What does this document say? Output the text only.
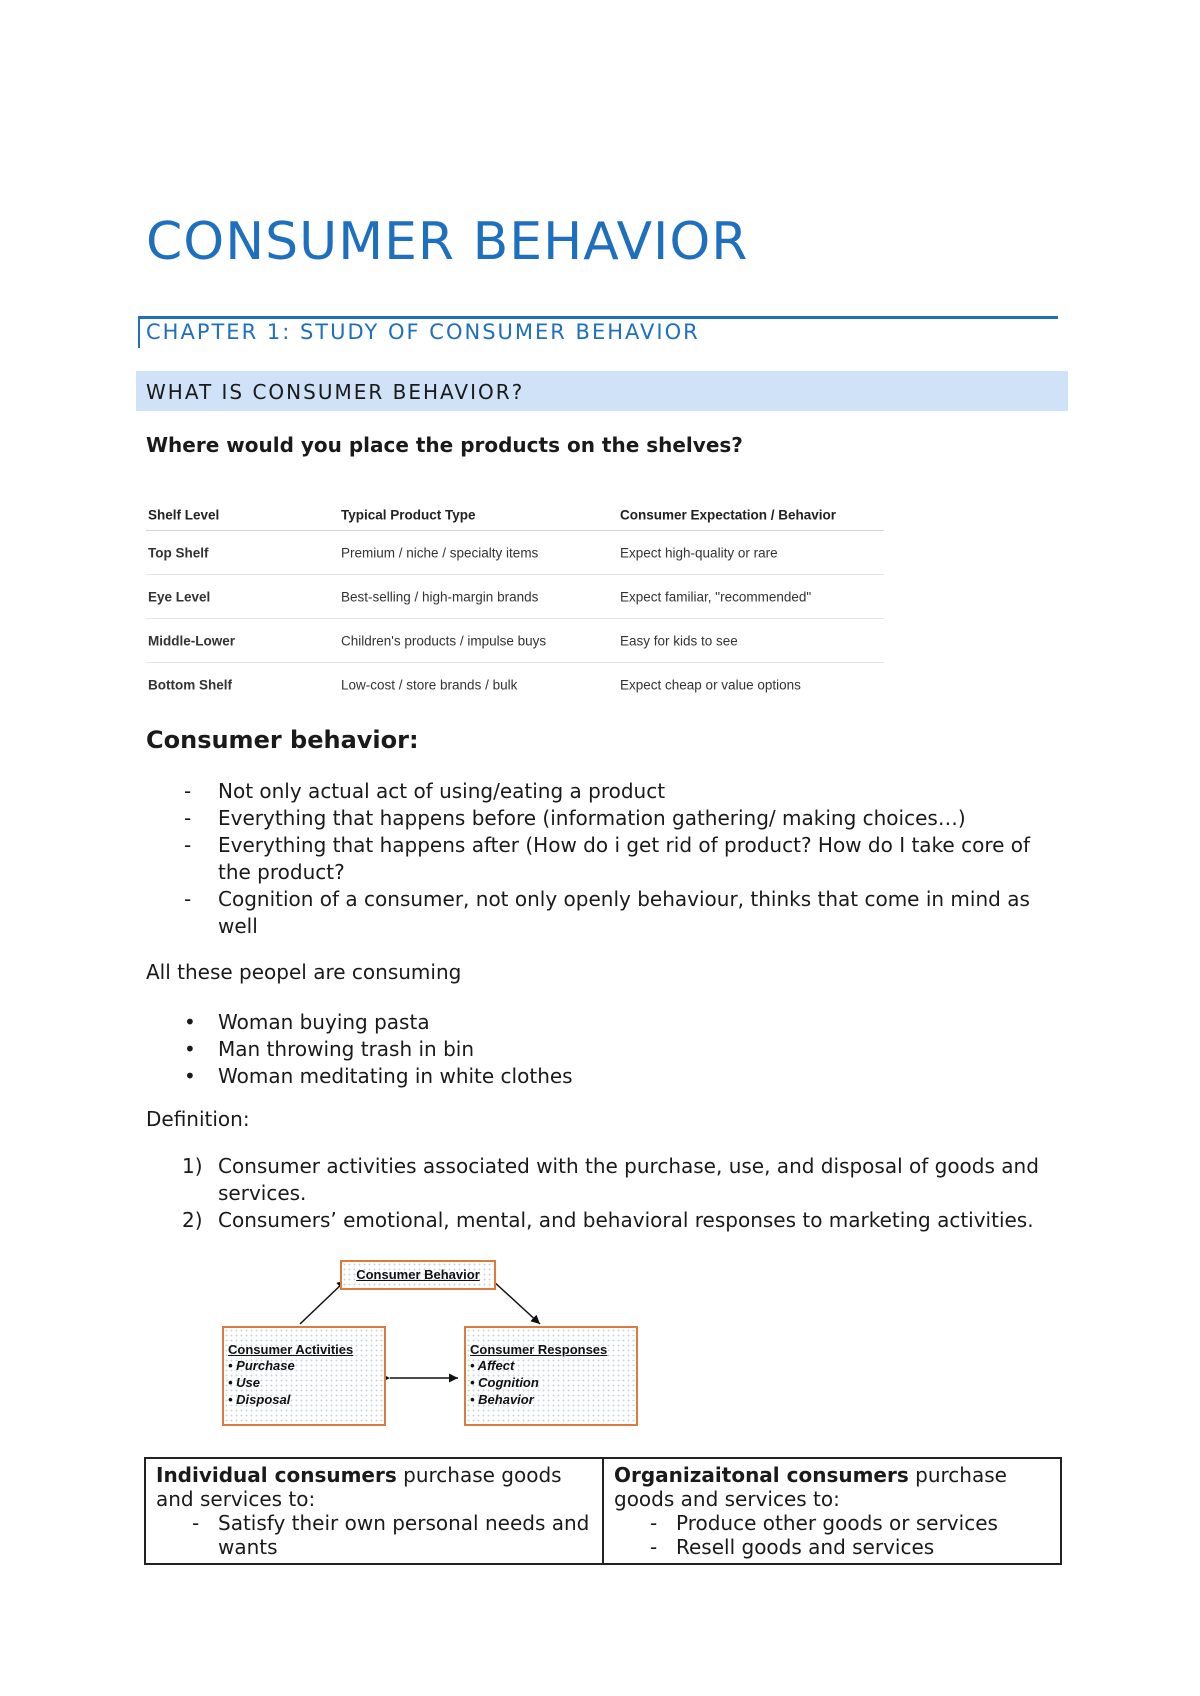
CONSUMER BEHAVIOR
CHAPTER 1: STUDY OF CONSUMER BEHAVIOR
WHAT IS CONSUMER BEHAVIOR?
Where would you place the products on the shelves?
Shelf Level	Typical Product Type	Consumer Expectation / Behavior
Top Shelf	Premium / niche / specialty items	Expect high-quality or rare
Eye Level	Best-selling / high-margin brands	Expect familiar, "recommended"
Middle-Lower	Children's products / impulse buys	Easy for kids to see
Bottom Shelf	Low-cost / store brands / bulk	Expect cheap or value options
Consumer behavior:
- Not only actual act of using/eating a product
- Everything that happens before (information gathering/ making choices…)
- Everything that happens after (How do i get rid of product? How do I take core of the product?
- Cognition of a consumer, not only openly behaviour, thinks that come in mind as well
All these peopel are consuming
• Woman buying pasta
• Man throwing trash in bin
• Woman meditating in white clothes
Definition:
1) Consumer activities associated with the purchase, use, and disposal of goods and services.
2) Consumers’ emotional, mental, and behavioral responses to marketing activities.
Consumer Behavior
Consumer Activities
• Purchase
• Use
• Disposal
Consumer Responses
• Affect
• Cognition
• Behavior
Individual consumers purchase goods and services to:
- Satisfy their own personal needs and wants
Organizaitonal consumers purchase goods and services to:
- Produce other goods or services
- Resell goods and services
